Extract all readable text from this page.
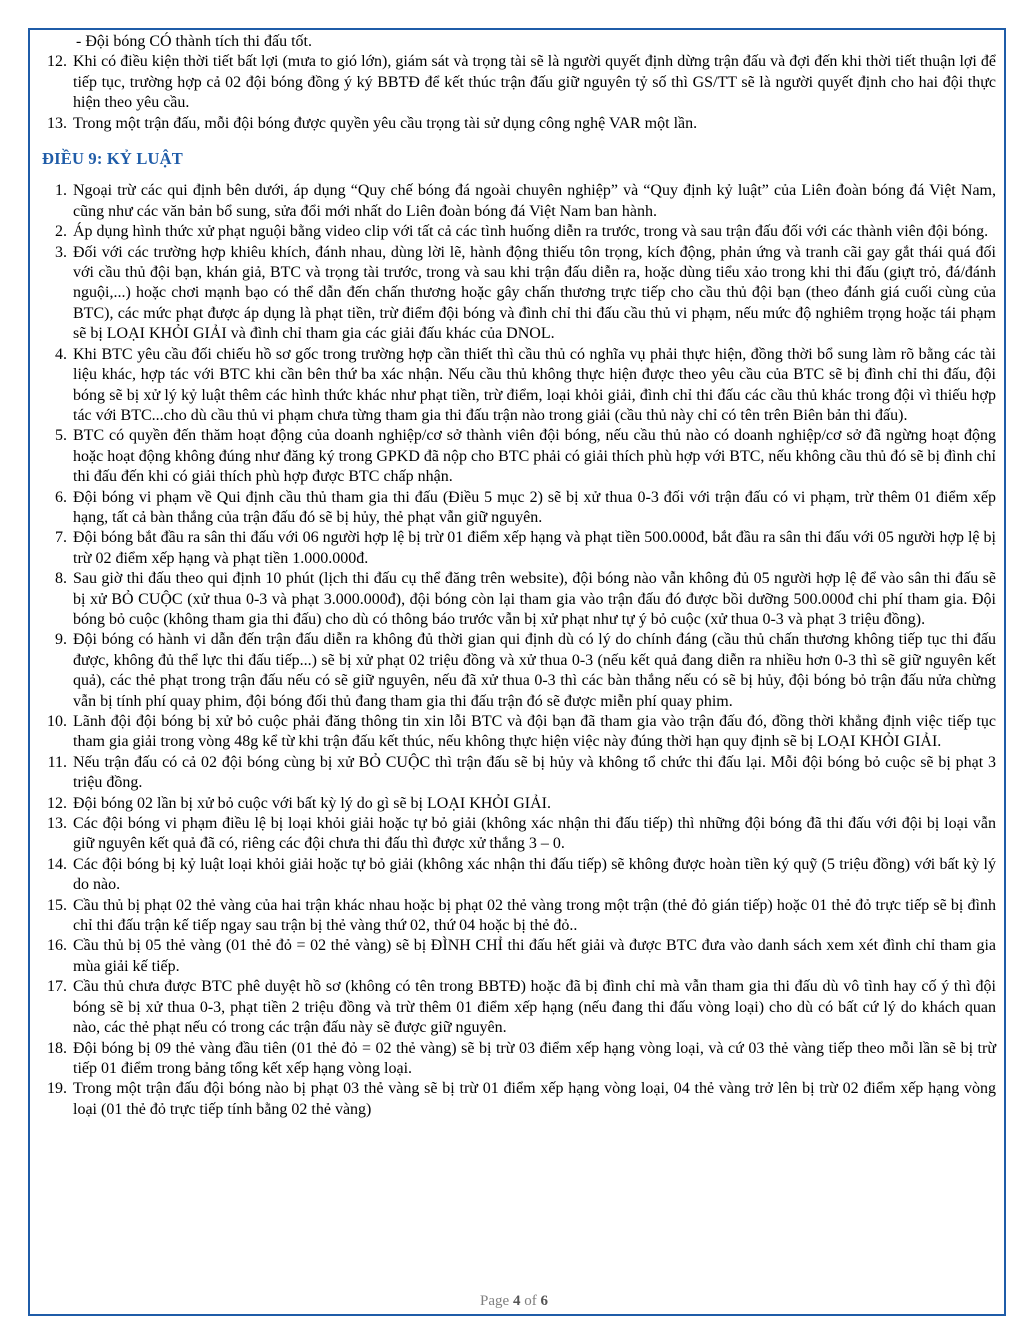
- Đội bóng CÓ thành tích thi đấu tốt.
12. Khi có điều kiện thời tiết bất lợi (mưa to gió lớn), giám sát và trọng tài sẽ là người quyết định dừng trận đấu và đợi đến khi thời tiết thuận lợi để tiếp tục, trường hợp cả 02 đội bóng đồng ý ký BBTĐ để kết thúc trận đấu giữ nguyên tỷ số thì GS/TT sẽ là người quyết định cho hai đội thực hiện theo yêu cầu.
13. Trong một trận đấu, mỗi đội bóng được quyền yêu cầu trọng tài sử dụng công nghệ VAR một lần.
ĐIỀU 9: KỶ LUẬT
1. Ngoại trừ các qui định bên dưới, áp dụng “Quy chế bóng đá ngoài chuyên nghiệp” và “Quy định kỷ luật” của Liên đoàn bóng đá Việt Nam, cũng như các văn bản bổ sung, sửa đổi mới nhất do Liên đoàn bóng đá Việt Nam ban hành.
2. Áp dụng hình thức xử phạt nguội bằng video clip với tất cả các tình huống diễn ra trước, trong và sau trận đấu đối với các thành viên đội bóng.
3. Đối với các trường hợp khiêu khích, đánh nhau, dùng lời lẽ, hành động thiếu tôn trọng, kích động, phản ứng và tranh cãi gay gắt thái quá đối với cầu thủ đội bạn, khán giả, BTC và trọng tài trước, trong và sau khi trận đấu diễn ra, hoặc dùng tiểu xảo trong khi thi đấu (giựt trỏ, đá/đánh nguội,...) hoặc chơi mạnh bạo có thể dẫn đến chấn thương hoặc gây chấn thương trực tiếp cho cầu thủ đội bạn (theo đánh giá cuối cùng của BTC), các mức phạt được áp dụng là phạt tiền, trừ điểm đội bóng và đình chỉ thi đấu cầu thủ vi phạm, nếu mức độ nghiêm trọng hoặc tái phạm sẽ bị LOẠI KHỎI GIẢI và đình chỉ tham gia các giải đấu khác của DNOL.
4. Khi BTC yêu cầu đối chiếu hồ sơ gốc trong trường hợp cần thiết thì cầu thủ có nghĩa vụ phải thực hiện, đồng thời bổ sung làm rõ bằng các tài liệu khác, hợp tác với BTC khi cần bên thứ ba xác nhận. Nếu cầu thủ không thực hiện được theo yêu cầu của BTC sẽ bị đình chỉ thi đấu, đội bóng sẽ bị xử lý kỷ luật thêm các hình thức khác như phạt tiền, trừ điểm, loại khỏi giải, đình chỉ thi đấu các cầu thủ khác trong đội vì thiếu hợp tác với BTC...cho dù cầu thủ vi phạm chưa từng tham gia thi đấu trận nào trong giải (cầu thủ này chỉ có tên trên Biên bản thi đấu).
5. BTC có quyền đến thăm hoạt động của doanh nghiệp/cơ sở thành viên đội bóng, nếu cầu thủ nào có doanh nghiệp/cơ sở đã ngừng hoạt động hoặc hoạt động không đúng như đăng ký trong GPKD đã nộp cho BTC phải có giải thích phù hợp với BTC, nếu không cầu thủ đó sẽ bị đình chỉ thi đấu đến khi có giải thích phù hợp được BTC chấp nhận.
6. Đội bóng vi phạm về Qui định cầu thủ tham gia thi đấu (Điều 5 mục 2) sẽ bị xử thua 0-3 đối với trận đấu có vi phạm, trừ thêm 01 điểm xếp hạng, tất cả bàn thắng của trận đấu đó sẽ bị hủy, thẻ phạt vẫn giữ nguyên.
7. Đội bóng bắt đầu ra sân thi đấu với 06 người hợp lệ bị trừ 01 điểm xếp hạng và phạt tiền 500.000đ, bắt đầu ra sân thi đấu với 05 người hợp lệ bị trừ 02 điểm xếp hạng và phạt tiền 1.000.000đ.
8. Sau giờ thi đấu theo qui định 10 phút (lịch thi đấu cụ thể đăng trên website), đội bóng nào vẫn không đủ 05 người hợp lệ để vào sân thi đấu sẽ bị xử BỎ CUỘC (xử thua 0-3 và phạt 3.000.000đ), đội bóng còn lại tham gia vào trận đấu đó được bồi dưỡng 500.000đ chi phí tham gia. Đội bóng bỏ cuộc (không tham gia thi đấu) cho dù có thông báo trước vẫn bị xử phạt như tự ý bỏ cuộc (xử thua 0-3 và phạt 3 triệu đồng).
9. Đội bóng có hành vi dẫn đến trận đấu diễn ra không đủ thời gian qui định dù có lý do chính đáng (cầu thủ chấn thương không tiếp tục thi đấu được, không đủ thể lực thi đấu tiếp...) sẽ bị xử phạt 02 triệu đồng và xử thua 0-3 (nếu kết quả đang diễn ra nhiều hơn 0-3 thì sẽ giữ nguyên kết quả), các thẻ phạt trong trận đấu nếu có sẽ giữ nguyên, nếu đã xử thua 0-3 thì các bàn thắng nếu có sẽ bị hủy, đội bóng bỏ trận đấu nửa chừng vẫn bị tính phí quay phim, đội bóng đối thủ đang tham gia thi đấu trận đó sẽ được miễn phí quay phim.
10. Lãnh đội đội bóng bị xử bỏ cuộc phải đăng thông tin xin lỗi BTC và đội bạn đã tham gia vào trận đấu đó, đồng thời khẳng định việc tiếp tục tham gia giải trong vòng 48g kể từ khi trận đấu kết thúc, nếu không thực hiện việc này đúng thời hạn quy định sẽ bị LOẠI KHỎI GIẢI.
11. Nếu trận đấu có cả 02 đội bóng cùng bị xử BỎ CUỘC thì trận đấu sẽ bị hủy và không tổ chức thi đấu lại. Mỗi đội bóng bỏ cuộc sẽ bị phạt 3 triệu đồng.
12. Đội bóng 02 lần bị xử bỏ cuộc với bất kỳ lý do gì sẽ bị LOẠI KHỎI GIẢI.
13. Các đội bóng vi phạm điều lệ bị loại khỏi giải hoặc tự bỏ giải (không xác nhận thi đấu tiếp) thì những đội bóng đã thi đấu với đội bị loại vẫn giữ nguyên kết quả đã có, riêng các đội chưa thi đấu thì được xử thắng 3 – 0.
14. Các đội bóng bị kỷ luật loại khỏi giải hoặc tự bỏ giải (không xác nhận thi đấu tiếp) sẽ không được hoàn tiền ký quỹ (5 triệu đồng) với bất kỳ lý do nào.
15. Cầu thủ bị phạt 02 thẻ vàng của hai trận khác nhau hoặc bị phạt 02 thẻ vàng trong một trận (thẻ đỏ gián tiếp) hoặc 01 thẻ đỏ trực tiếp sẽ bị đình chỉ thi đấu trận kế tiếp ngay sau trận bị thẻ vàng thứ 02, thứ 04 hoặc bị thẻ đỏ..
16. Cầu thủ bị 05 thẻ vàng (01 thẻ đỏ = 02 thẻ vàng) sẽ bị ĐÌNH CHỈ thi đấu hết giải và được BTC đưa vào danh sách xem xét đình chỉ tham gia mùa giải kế tiếp.
17. Cầu thủ chưa được BTC phê duyệt hồ sơ (không có tên trong BBTĐ) hoặc đã bị đình chỉ mà vẫn tham gia thi đấu dù vô tình hay cố ý thì đội bóng sẽ bị xử thua 0-3, phạt tiền 2 triệu đồng và trừ thêm 01 điểm xếp hạng (nếu đang thi đấu vòng loại) cho dù có bất cứ lý do khách quan nào, các thẻ phạt nếu có trong các trận đấu này sẽ được giữ nguyên.
18. Đội bóng bị 09 thẻ vàng đầu tiên (01 thẻ đỏ = 02 thẻ vàng) sẽ bị trừ 03 điểm xếp hạng vòng loại, và cứ 03 thẻ vàng tiếp theo mỗi lần sẽ bị trừ tiếp 01 điểm trong bảng tổng kết xếp hạng vòng loại.
19. Trong một trận đấu đội bóng nào bị phạt 03 thẻ vàng sẽ bị trừ 01 điểm xếp hạng vòng loại, 04 thẻ vàng trở lên bị trừ 02 điểm xếp hạng vòng loại (01 thẻ đỏ trực tiếp tính bằng 02 thẻ vàng)
Page 4 of 6
